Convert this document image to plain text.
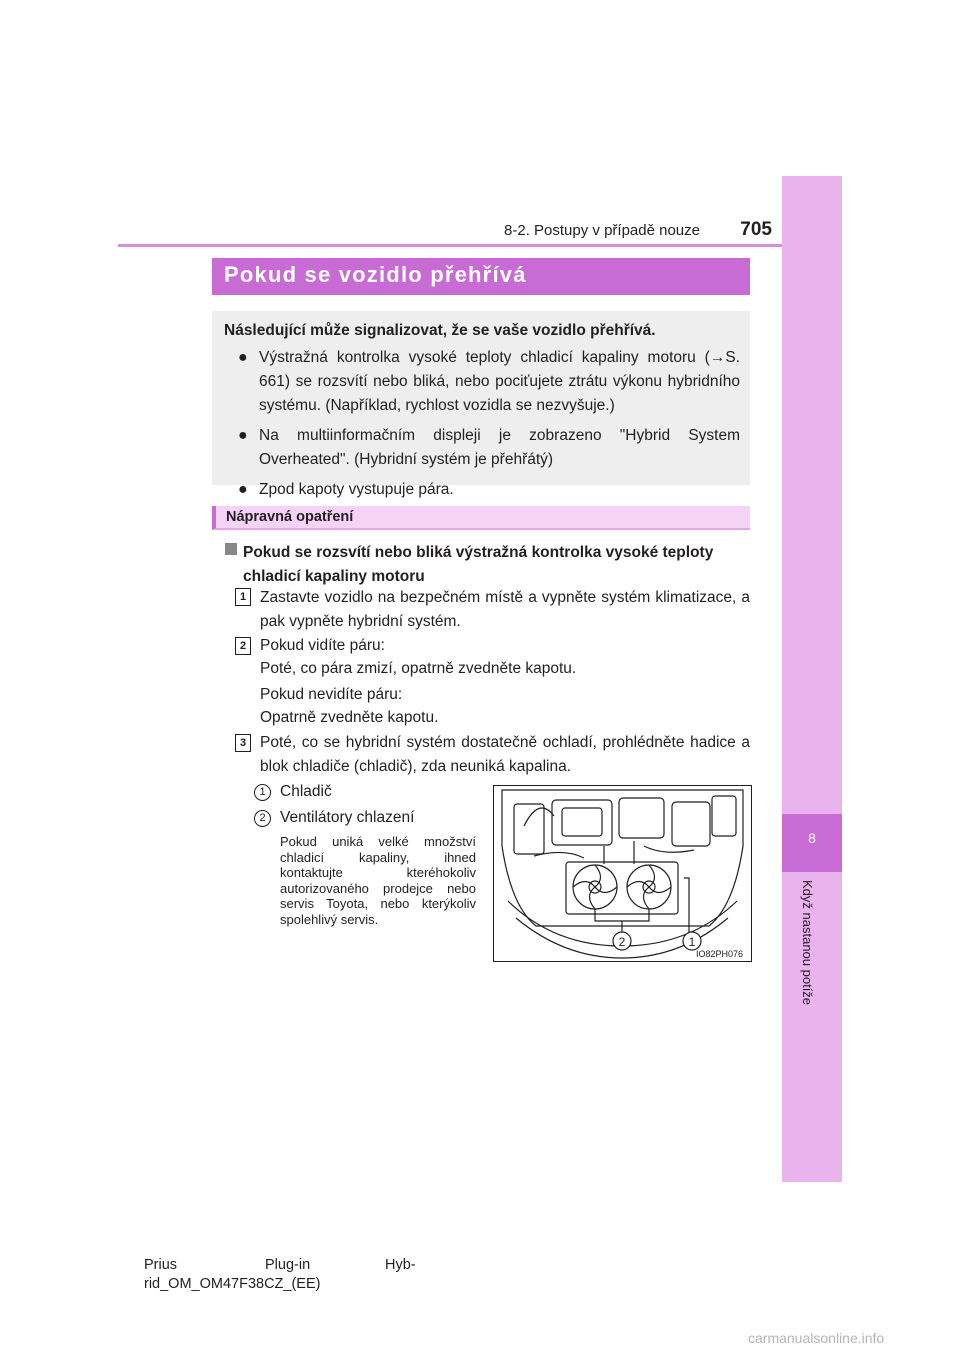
8
Když nastanou potíže
8-2. Postupy v případě nouze	705
Pokud se vozidlo přehřívá
Následující může signalizovat, že se vaše vozidlo přehřívá.
● Výstražná kontrolka vysoké teploty chladicí kapaliny motoru (→S. 661) se rozsvítí nebo bliká, nebo pociťujete ztrátu výkonu hybridního systému. (Například, rychlost vozidla se nezvyšuje.)
● Na multiinformačním displeji je zobrazeno "Hybrid System Overheated". (Hybridní systém je přehřátý)
● Zpod kapoty vystupuje pára.
Nápravná opatření
Pokud se rozsvítí nebo bliká výstražná kontrolka vysoké teploty chladicí kapaliny motoru
1 Zastavte vozidlo na bezpečném místě a vypněte systém klimatizace, a pak vypněte hybridní systém.
2 Pokud vidíte páru:
Poté, co pára zmizí, opatrně zvedněte kapotu.
Pokud nevidíte páru:
Opatrně zvedněte kapotu.
3 Poté, co se hybridní systém dostatečně ochladí, prohlédněte hadice a blok chladiče (chladič), zda neuniká kapalina.
1 Chladič
2 Ventilátory chlazení
Pokud uniká velké množství chladicí kapaliny, ihned kontaktujte kteréhokoliv autorizovaného prodejce nebo servis Toyota, nebo kterýkoliv spolehlivý servis.
2	1
IO82PH076
Prius	Plug-in	Hyb-
rid_OM_OM47F38CZ_(EE)
carmanualsonline.info
